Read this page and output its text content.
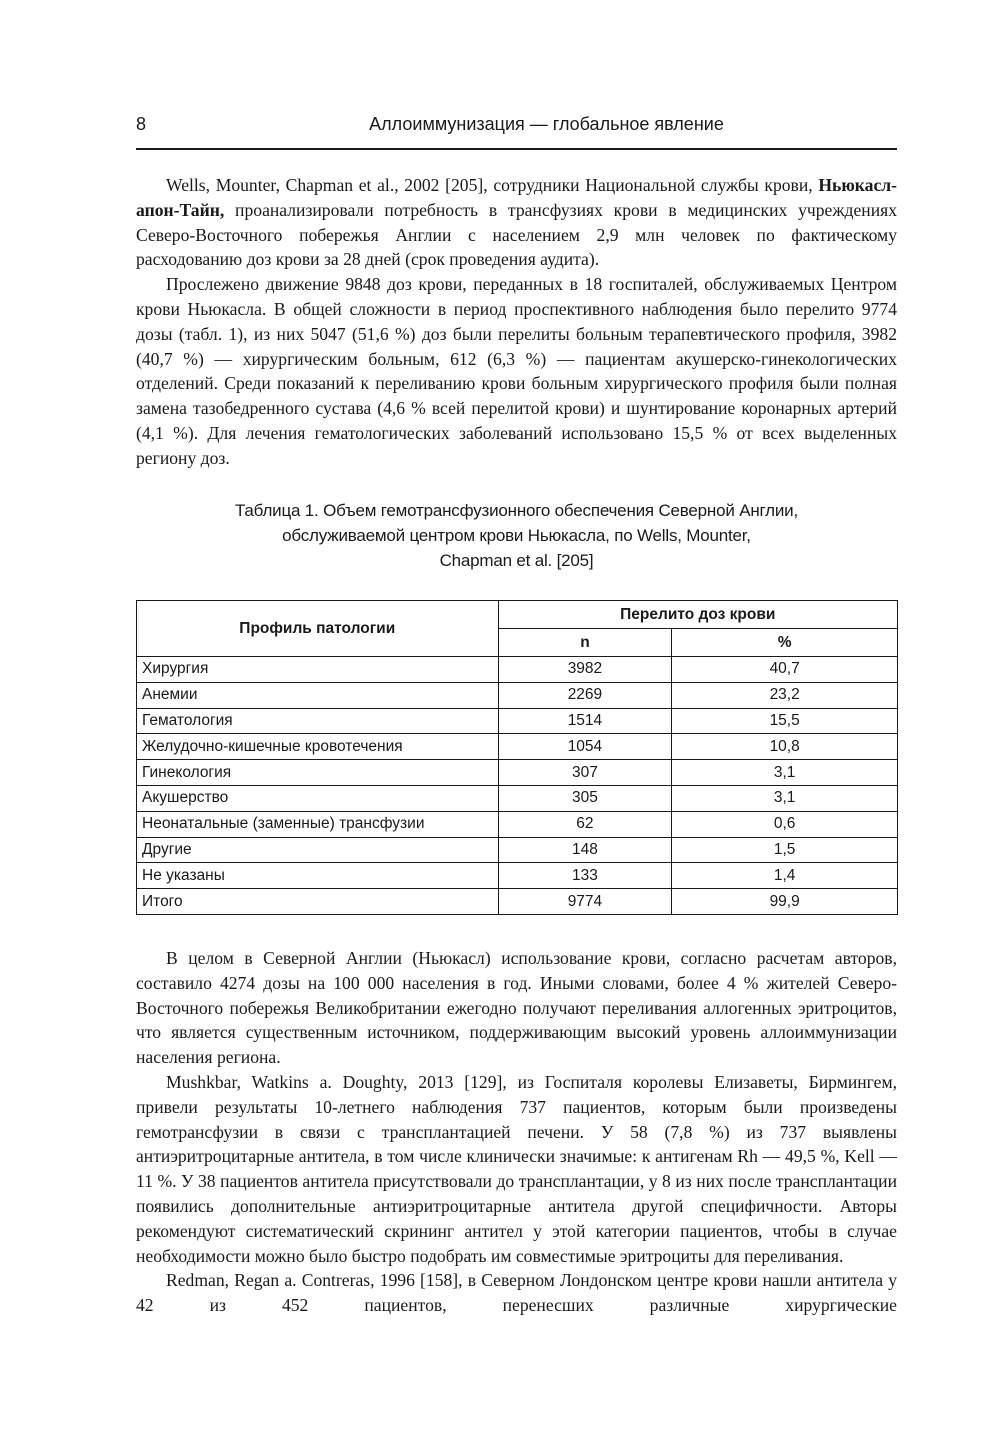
8	Аллоиммунизация — глобальное явление

Wells, Mounter, Chapman et al., 2002 [205], сотрудники Национальной службы крови, Ньюкасл-апон-Тайн, проанализировали потребность в трансфузиях крови в медицинских учреждениях Северо-Восточного побережья Англии с населением 2,9 млн человек по фактическому расходованию доз крови за 28 дней (срок проведения аудита).

Прослежено движение 9848 доз крови, переданных в 18 госпиталей, обслуживаемых Центром крови Ньюкасла. В общей сложности в период проспективного наблюдения было перелито 9774 дозы (табл. 1), из них 5047 (51,6 %) доз были перелиты больным терапевтического профиля, 3982 (40,7 %) — хирургическим больным, 612 (6,3 %) — пациентам акушерско-гинекологических отделений. Среди показаний к переливанию крови больным хирургического профиля были полная замена тазобедренного сустава (4,6 % всей перелитой крови) и шунтирование коронарных артерий (4,1 %). Для лечения гематологических заболеваний использовано 15,5 % от всех выделенных региону доз.

Таблица 1. Объем гемотрансфузионного обеспечения Северной Англии,
обслуживаемой центром крови Ньюкасла, по Wells, Mounter,
Chapman et al. [205]
Профиль патологии	Перелито доз крови	
	n	%
Хирургия	3982	40,7
Анемии	2269	23,2
Гематология	1514	15,5
Желудочно-кишечные кровотечения	1054	10,8
Гинекология	307	3,1
Акушерство	305	3,1
Неонатальные (заменные) трансфузии	62	0,6
Другие	148	1,5
Не указаны	133	1,4
Итого	9774	99,9

В целом в Северной Англии (Ньюкасл) использование крови, согласно расчетам авторов, составило 4274 дозы на 100 000 населения в год. Иными словами, более 4 % жителей Северо-Восточного побережья Великобритании ежегодно получают переливания аллогенных эритроцитов, что является существенным источником, поддерживающим высокий уровень аллоиммунизации населения региона.

Mushkbar, Watkins a. Doughty, 2013 [129], из Госпиталя королевы Елизаветы, Бирмингем, привели результаты 10-летнего наблюдения 737 пациентов, которым были произведены гемотрансфузии в связи с трансплантацией печени. У 58 (7,8 %) из 737 выявлены антиэритроцитарные антитела, в том числе клинически значимые: к антигенам Rh — 49,5 %, Kell — 11 %. У 38 пациентов антитела присутствовали до трансплантации, у 8 из них после трансплантации появились дополнительные антиэритроцитарные антитела другой специфичности. Авторы рекомендуют систематический скрининг антител у этой категории пациентов, чтобы в случае необходимости можно было быстро подобрать им совместимые эритроциты для переливания.

Redman, Regan a. Contreras, 1996 [158], в Северном Лондонском центре крови нашли антитела у 42 из 452 пациентов, перенесших различные хирургические
